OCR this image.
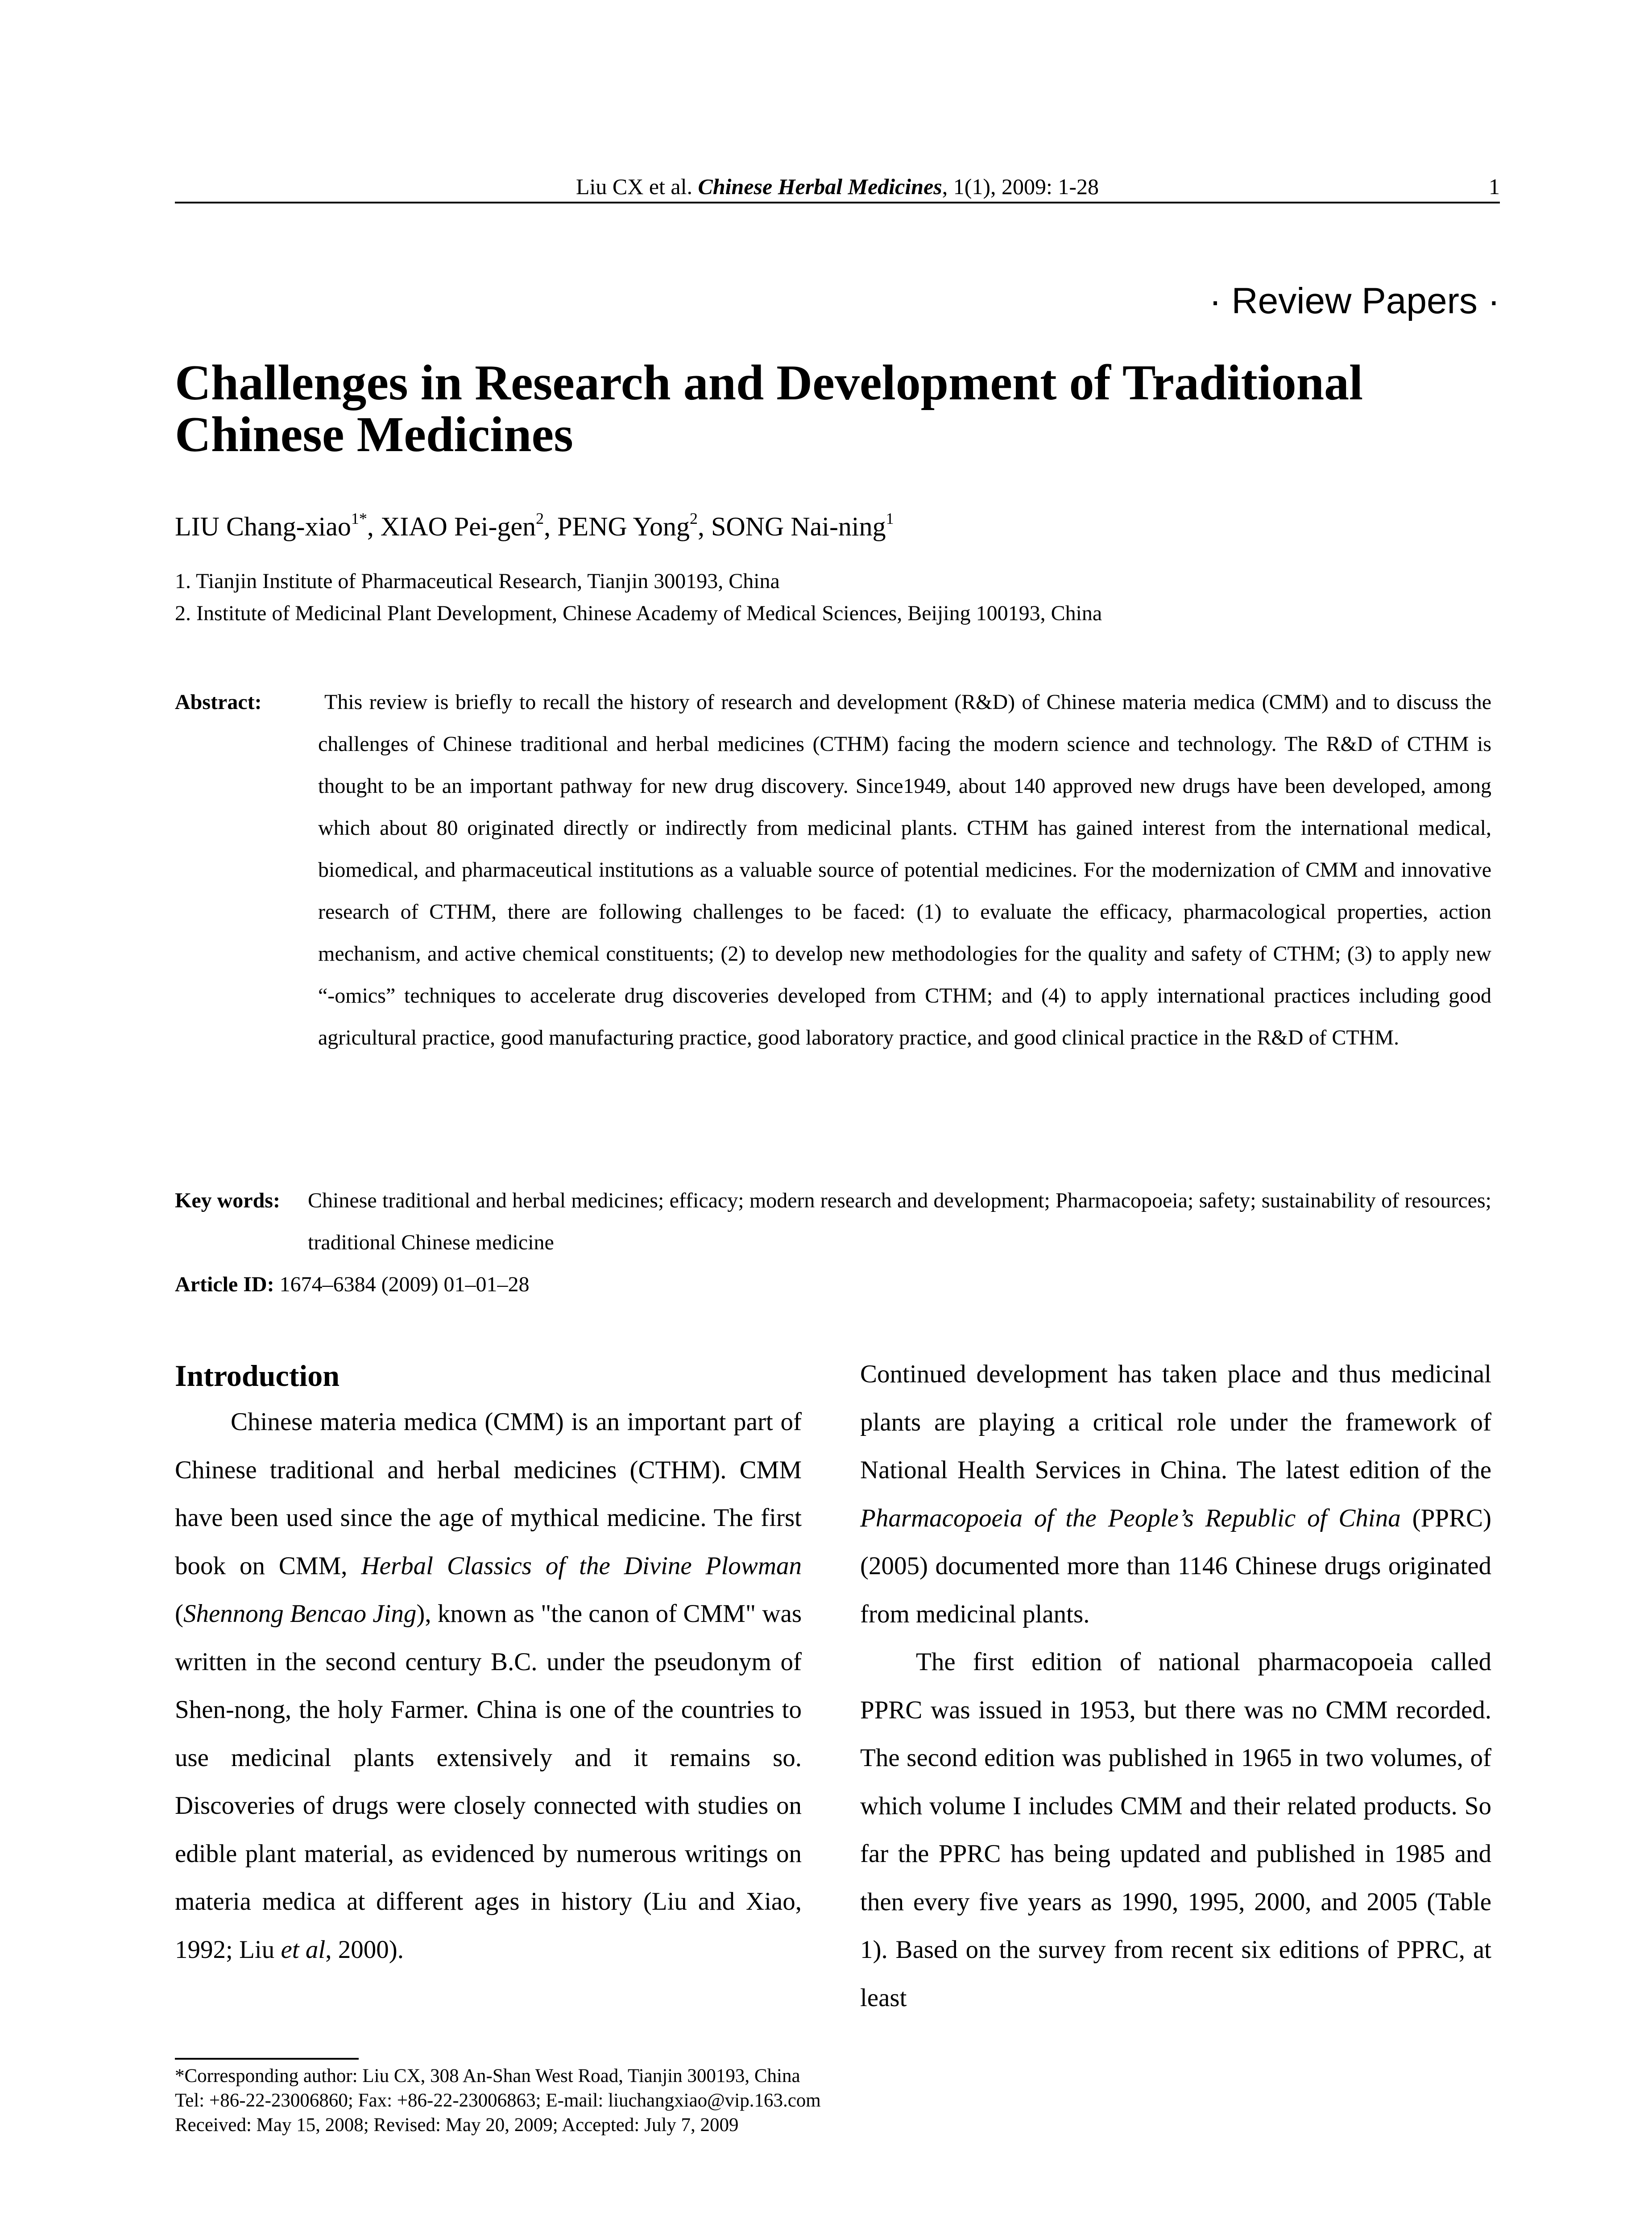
Liu CX et al. Chinese Herbal Medicines, 1(1), 2009: 1-28	1
· Review Papers ·
Challenges in Research and Development of Traditional Chinese Medicines
LIU Chang-xiao$^{1*}$, XIAO Pei-gen$^2$, PENG Yong$^2$, SONG Nai-ning$^1$
1. Tianjin Institute of Pharmaceutical Research, Tianjin 300193, China
2. Institute of Medicinal Plant Development, Chinese Academy of Medical Sciences, Beijing 100193, China
Abstract:	This review is briefly to recall the history of research and development (R&D) of Chinese materia medica (CMM) and to discuss the challenges of Chinese traditional and herbal medicines (CTHM) facing the modern science and technology. The R&D of CTHM is thought to be an important pathway for new drug discovery. Since1949, about 140 approved new drugs have been developed, among which about 80 originated directly or indirectly from medicinal plants. CTHM has gained interest from the international medical, biomedical, and pharmaceutical institutions as a valuable source of potential medicines. For the modernization of CMM and innovative research of CTHM, there are following challenges to be faced: (1) to evaluate the efficacy, pharmacological properties, action mechanism, and active chemical constituents; (2) to develop new methodologies for the quality and safety of CTHM; (3) to apply new “-omics” techniques to accelerate drug discoveries developed from CTHM; and (4) to apply international practices including good agricultural practice, good manufacturing practice, good laboratory practice, and good clinical practice in the R&D of CTHM.
Key words: Chinese traditional and herbal medicines; efficacy; modern research and development; Pharmacopoeia; safety; sustainability of resources; traditional Chinese medicine
Article ID: 1674–6384 (2009) 01–01–28
Introduction

Chinese materia medica (CMM) is an important part of Chinese traditional and herbal medicines (CTHM). CMM have been used since the age of mythical medicine. The first book on CMM, Herbal Classics of the Divine Plowman (Shennong Bencao Jing), known as "the canon of CMM" was written in the second century B.C. under the pseudonym of Shen-nong, the holy Farmer. China is one of the countries to use medicinal plants extensively and it remains so. Discoveries of drugs were closely connected with studies on edible plant material, as evidenced by numerous writings on materia medica at different ages in history (Liu and Xiao, 1992; Liu et al, 2000).

Continued development has taken place and thus medicinal plants are playing a critical role under the framework of National Health Services in China. The latest edition of the Pharmacopoeia of the People’s Republic of China (PPRC) (2005) documented more than 1146 Chinese drugs originated from medicinal plants.

The first edition of national pharmacopoeia called PPRC was issued in 1953, but there was no CMM recorded. The second edition was published in 1965 in two volumes, of which volume I includes CMM and their related products. So far the PPRC has being updated and published in 1985 and then every five years as 1990, 1995, 2000, and 2005 (Table 1). Based on the survey from recent six editions of PPRC, at least

*Corresponding author: Liu CX, 308 An-Shan West Road, Tianjin 300193, China
Tel: +86-22-23006860; Fax: +86-22-23006863; E-mail: liuchangxiao@vip.163.com
Received: May 15, 2008; Revised: May 20, 2009; Accepted: July 7, 2009
